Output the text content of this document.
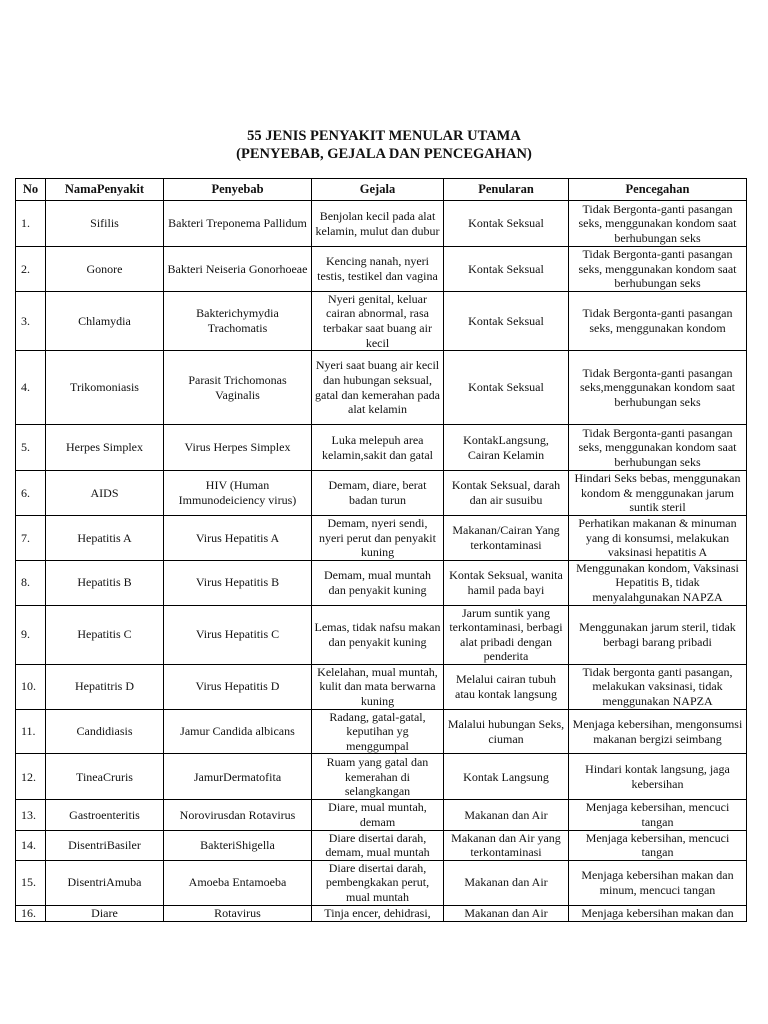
55 JENIS PENYAKIT MENULAR UTAMA
(PENYEBAB, GEJALA DAN PENCEGAHAN)
No	NamaPenyakit	Penyebab	Gejala	Penularan	Pencegahan
1.	Sifilis	Bakteri Treponema Pallidum	Benjolan kecil pada alat kelamin, mulut dan dubur	Kontak Seksual	Tidak Bergonta-ganti pasangan seks, menggunakan kondom saat berhubungan seks
2.	Gonore	Bakteri Neiseria Gonorhoeae	Kencing nanah, nyeri testis, testikel dan vagina	Kontak Seksual	Tidak Bergonta-ganti pasangan seks, menggunakan kondom saat berhubungan seks
3.	Chlamydia	Bakterichymydia Trachomatis	Nyeri genital, keluar cairan abnormal, rasa terbakar saat buang air kecil	Kontak Seksual	Tidak Bergonta-ganti pasangan seks, menggunakan kondom
4.	Trikomoniasis	Parasit Trichomonas Vaginalis	Nyeri saat buang air kecil dan hubungan seksual, gatal dan kemerahan pada alat kelamin	Kontak Seksual	Tidak Bergonta-ganti pasangan seks,menggunakan kondom saat berhubungan seks
5.	Herpes Simplex	Virus Herpes Simplex	Luka melepuh area kelamin,sakit dan gatal	KontakLangsung, Cairan Kelamin	Tidak Bergonta-ganti pasangan seks, menggunakan kondom saat berhubungan seks
6.	AIDS	HIV (Human Immunodeiciency virus)	Demam, diare, berat badan turun	Kontak Seksual, darah dan air susuibu	Hindari Seks bebas, menggunakan kondom & menggunakan jarum suntik steril
7.	Hepatitis A	Virus Hepatitis A	Demam, nyeri sendi, nyeri perut dan penyakit kuning	Makanan/Cairan Yang terkontaminasi	Perhatikan makanan & minuman yang di konsumsi, melakukan vaksinasi hepatitis A
8.	Hepatitis B	Virus Hepatitis B	Demam, mual muntah dan penyakit kuning	Kontak Seksual, wanita hamil pada bayi	Menggunakan kondom, Vaksinasi Hepatitis B, tidak menyalahgunakan NAPZA
9.	Hepatitis C	Virus Hepatitis C	Lemas, tidak nafsu makan dan penyakit kuning	Jarum suntik yang terkontaminasi, berbagi alat pribadi dengan penderita	Menggunakan jarum steril, tidak berbagi barang pribadi
10.	Hepatitris D	Virus Hepatitis D	Kelelahan, mual muntah, kulit dan mata berwarna kuning	Melalui cairan tubuh atau kontak langsung	Tidak bergonta ganti pasangan, melakukan vaksinasi, tidak menggunakan NAPZA
11.	Candidiasis	Jamur Candida albicans	Radang, gatal-gatal, keputihan yg menggumpal	Malalui hubungan Seks, ciuman	Menjaga kebersihan, mengonsumsi makanan bergizi seimbang
12.	TineaCruris	JamurDermatofita	Ruam yang gatal dan kemerahan di selangkangan	Kontak Langsung	Hindari kontak langsung, jaga kebersihan
13.	Gastroenteritis	Norovirusdan Rotavirus	Diare, mual muntah, demam	Makanan dan Air	Menjaga kebersihan, mencuci tangan
14.	DisentriBasiler	BakteriShigella	Diare disertai darah, demam, mual muntah	Makanan dan Air yang terkontaminasi	Menjaga kebersihan, mencuci tangan
15.	DisentriAmuba	Amoeba Entamoeba	Diare disertai darah, pembengkakan perut, mual muntah	Makanan dan Air	Menjaga kebersihan makan dan minum, mencuci tangan
16.	Diare	Rotavirus	Tinja encer, dehidrasi,	Makanan dan Air	Menjaga kebersihan makan dan
